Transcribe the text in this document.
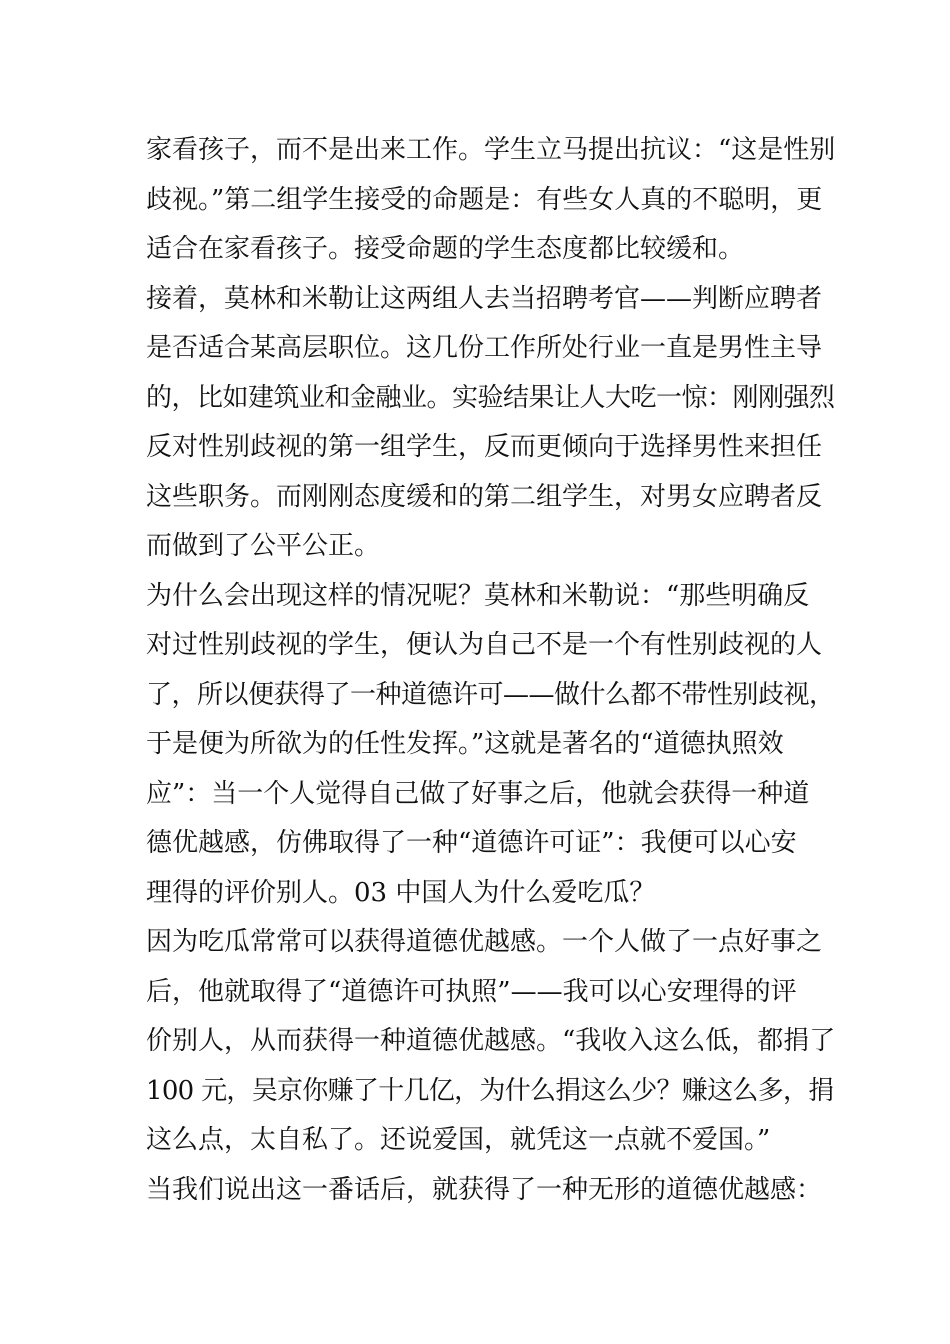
家看孩子，而不是出来工作。学生立马提出抗议：“这是性别
歧视。”第二组学生接受的命题是：有些女人真的不聪明，更
适合在家看孩子。接受命题的学生态度都比较缓和。
接着，莫林和米勒让这两组人去当招聘考官——判断应聘者
是否适合某高层职位。这几份工作所处行业一直是男性主导
的，比如建筑业和金融业。实验结果让人大吃一惊：刚刚强烈
反对性别歧视的第一组学生，反而更倾向于选择男性来担任
这些职务。而刚刚态度缓和的第二组学生，对男女应聘者反
而做到了公平公正。
为什么会出现这样的情况呢？莫林和米勒说：“那些明确反
对过性别歧视的学生，便认为自己不是一个有性别歧视的人
了，所以便获得了一种道德许可——做什么都不带性别歧视，
于是便为所欲为的任性发挥。”这就是著名的“道德执照效
应”：当一个人觉得自己做了好事之后，他就会获得一种道
德优越感，仿佛取得了一种“道德许可证”：我便可以心安
理得的评价别人。03 中国人为什么爱吃瓜？
因为吃瓜常常可以获得道德优越感。一个人做了一点好事之
后，他就取得了“道德许可执照”——我可以心安理得的评
价别人，从而获得一种道德优越感。“我收入这么低，都捐了
100 元，吴京你赚了十几亿，为什么捐这么少？赚这么多，捐
这么点，太自私了。还说爱国，就凭这一点就不爱国。”
当我们说出这一番话后，就获得了一种无形的道德优越感：
